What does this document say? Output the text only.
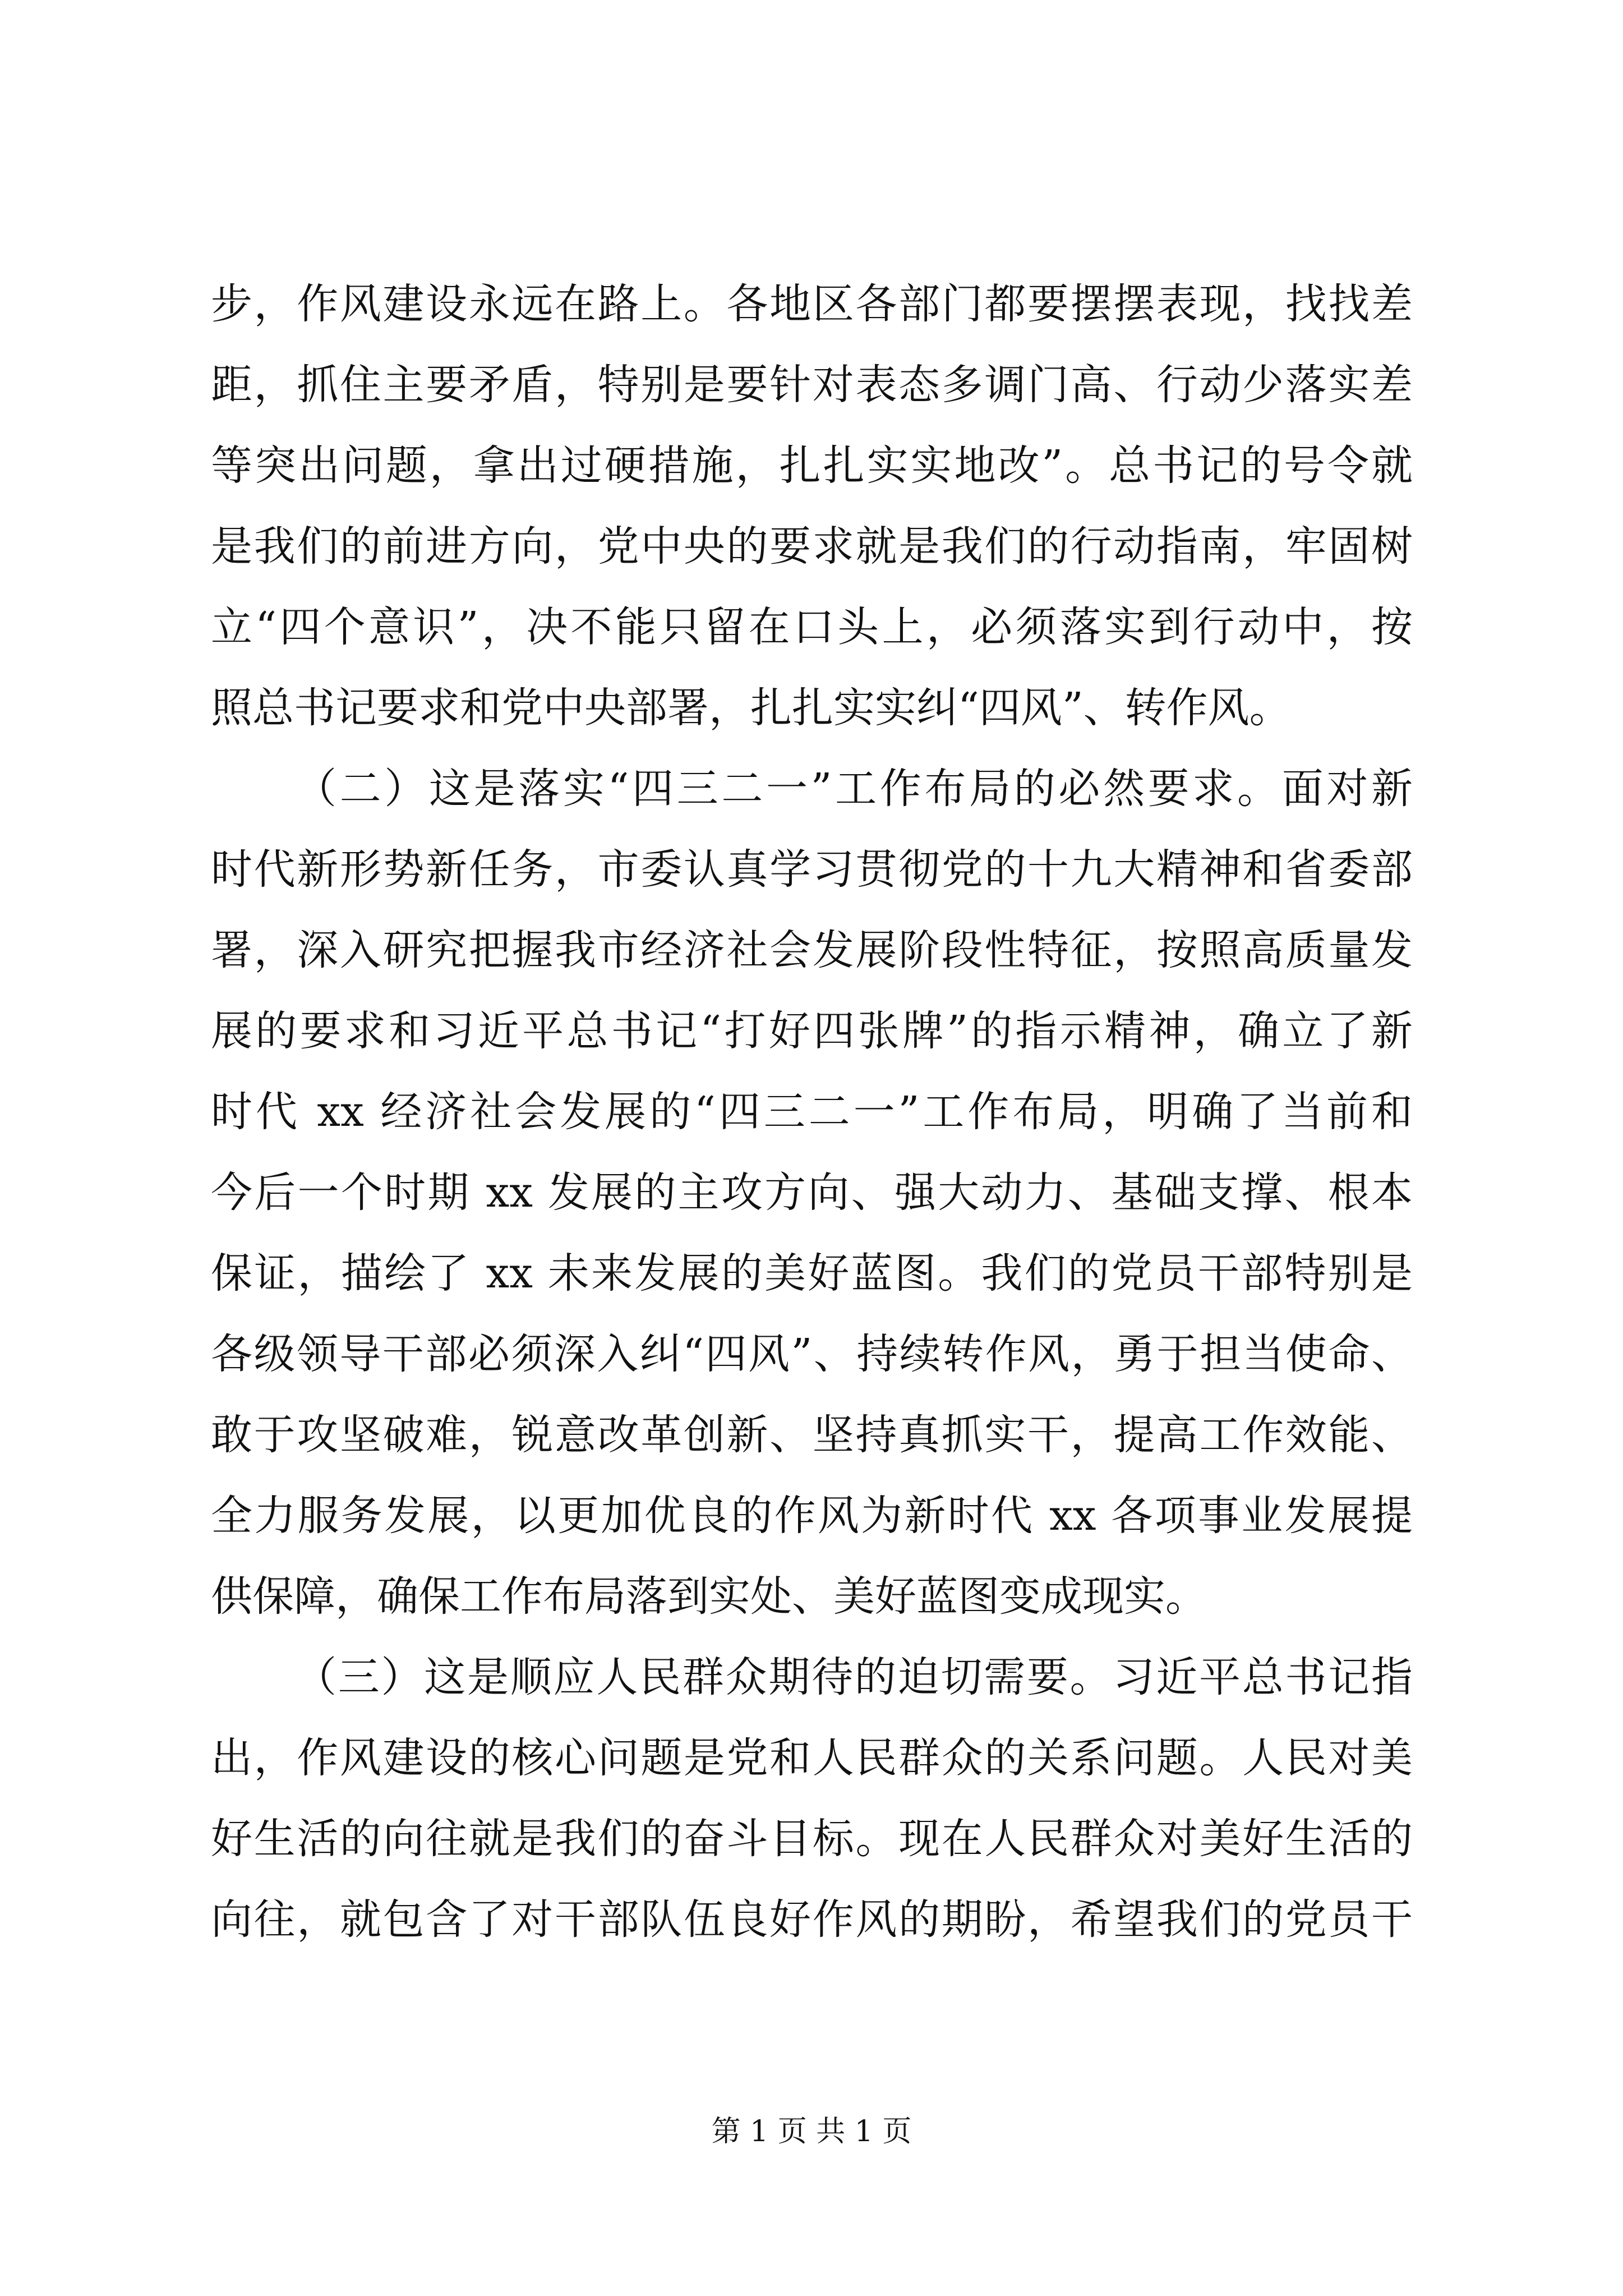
步，作风建设永远在路上。各地区各部门都要摆摆表现，找找差
距，抓住主要矛盾，特别是要针对表态多调门高、行动少落实差
等突出问题，拿出过硬措施，扎扎实实地改”。总书记的号令就
是我们的前进方向，党中央的要求就是我们的行动指南，牢固树
立“四个意识”，决不能只留在口头上，必须落实到行动中，按
照总书记要求和党中央部署，扎扎实实纠“四风”、转作风。
（二）这是落实“四三二一”工作布局的必然要求。面对新
时代新形势新任务，市委认真学习贯彻党的十九大精神和省委部
署，深入研究把握我市经济社会发展阶段性特征，按照高质量发
展的要求和习近平总书记“打好四张牌”的指示精神，确立了新
时代 xx 经济社会发展的“四三二一”工作布局，明确了当前和
今后一个时期 xx 发展的主攻方向、强大动力、基础支撑、根本
保证，描绘了 xx 未来发展的美好蓝图。我们的党员干部特别是
各级领导干部必须深入纠“四风”、持续转作风，勇于担当使命、
敢于攻坚破难，锐意改革创新、坚持真抓实干，提高工作效能、
全力服务发展，以更加优良的作风为新时代 xx 各项事业发展提
供保障，确保工作布局落到实处、美好蓝图变成现实。
（三）这是顺应人民群众期待的迫切需要。习近平总书记指
出，作风建设的核心问题是党和人民群众的关系问题。人民对美
好生活的向往就是我们的奋斗目标。现在人民群众对美好生活的
向往，就包含了对干部队伍良好作风的期盼，希望我们的党员干
第 1 页 共 1 页
